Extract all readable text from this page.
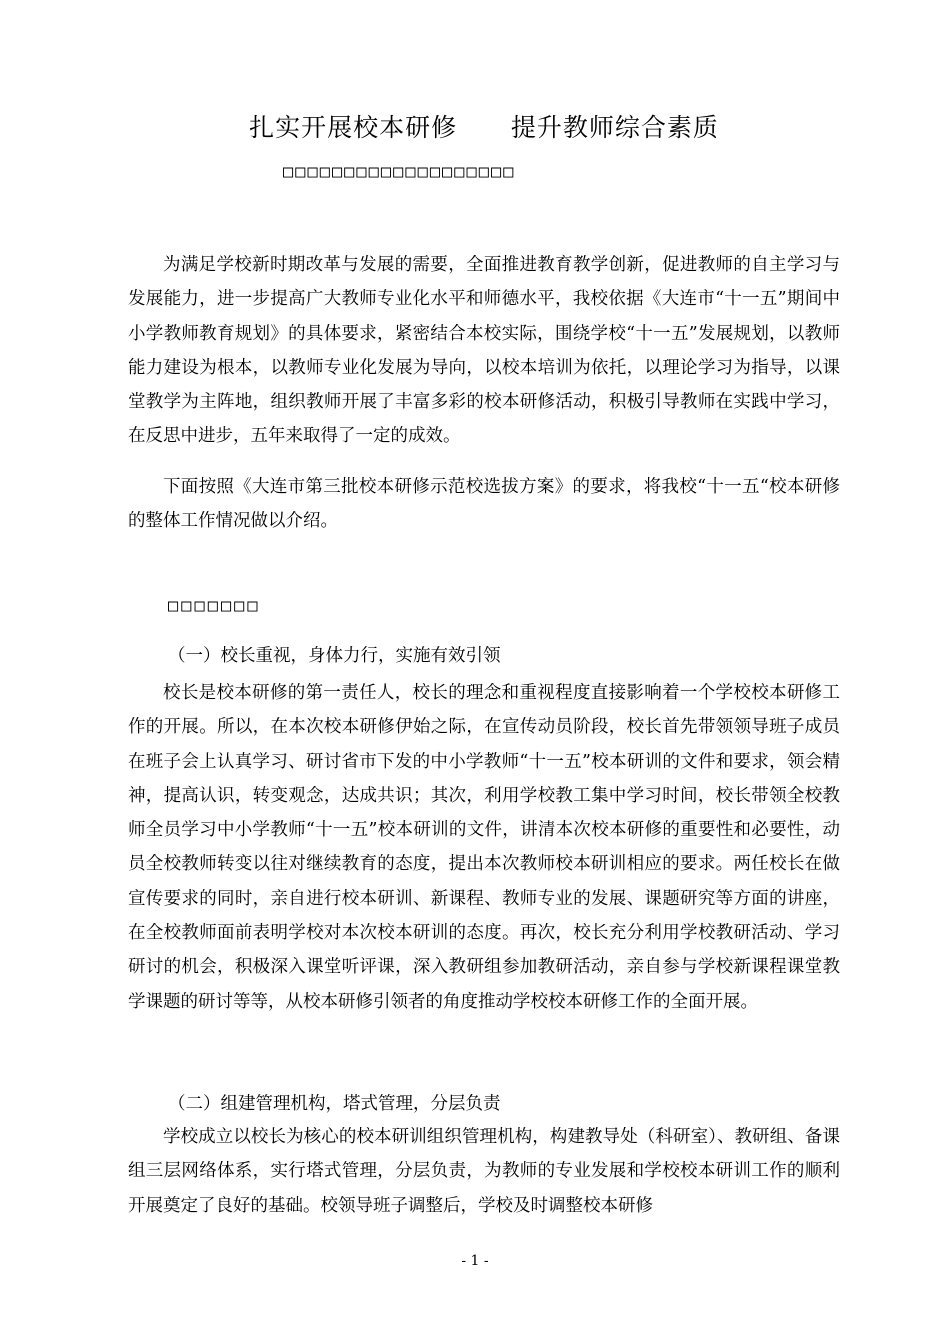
扎实开展校本研修      提升教师综合素质
□□□□□□□□□□□□□□□□□□□

为满足学校新时期改革与发展的需要，全面推进教育教学创新，促进教师的自主学习与发展能力，进一步提高广大教师专业化水平和师德水平，我校依据《大连市“十一五”期间中小学教师教育规划》的具体要求，紧密结合本校实际，围绕学校“十一五”发展规划，以教师能力建设为根本，以教师专业化发展为导向，以校本培训为依托，以理论学习为指导，以课堂教学为主阵地，组织教师开展了丰富多彩的校本研修活动，积极引导教师在实践中学习，在反思中进步，五年来取得了一定的成效。

下面按照《大连市第三批校本研修示范校选拔方案》的要求，将我校“十一五“校本研修的整体工作情况做以介绍。

□□□□□□□
（一）校长重视，身体力行，实施有效引领

校长是校本研修的第一责任人，校长的理念和重视程度直接影响着一个学校校本研修工作的开展。所以，在本次校本研修伊始之际，在宣传动员阶段，校长首先带领领导班子成员在班子会上认真学习、研讨省市下发的中小学教师“十一五”校本研训的文件和要求，领会精神，提高认识，转变观念，达成共识；其次，利用学校教工集中学习时间，校长带领全校教师全员学习中小学教师“十一五”校本研训的文件，讲清本次校本研修的重要性和必要性，动员全校教师转变以往对继续教育的态度，提出本次教师校本研训相应的要求。两任校长在做宣传要求的同时，亲自进行校本研训、新课程、教师专业的发展、课题研究等方面的讲座，在全校教师面前表明学校对本次校本研训的态度。再次，校长充分利用学校教研活动、学习研讨的机会，积极深入课堂听评课，深入教研组参加教研活动，亲自参与学校新课程课堂教学课题的研讨等等，从校本研修引领者的角度推动学校校本研修工作的全面开展。

（二）组建管理机构，塔式管理，分层负责

学校成立以校长为核心的校本研训组织管理机构，构建教导处（科研室）、教研组、备课组三层网络体系，实行塔式管理，分层负责，为教师的专业发展和学校校本研训工作的顺利开展奠定了良好的基础。校领导班子调整后，学校及时调整校本研修

- 1 -
